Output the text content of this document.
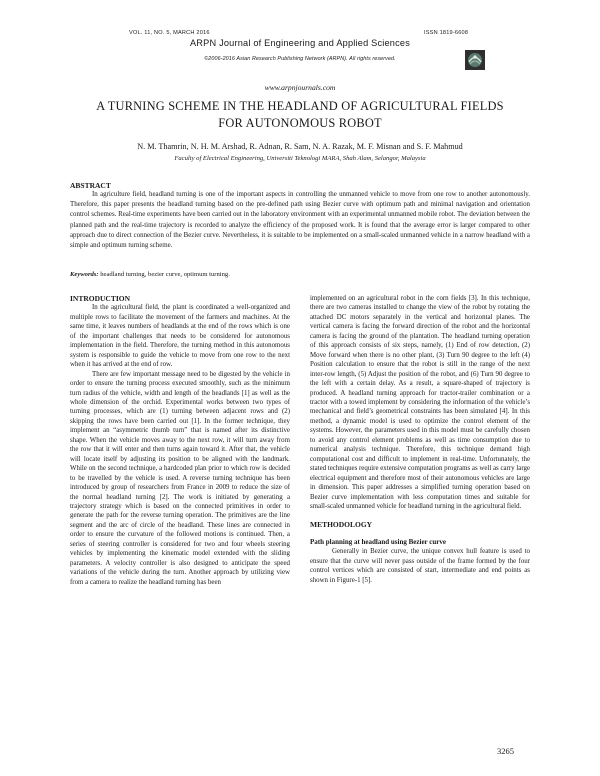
VOL. 11, NO. 5, MARCH 2016	ISSN 1819-6608
ARPN Journal of Engineering and Applied Sciences
©2006-2016 Asian Research Publishing Network (ARPN). All rights reserved.
www.arpnjournals.com
A TURNING SCHEME IN THE HEADLAND OF AGRICULTURAL FIELDS FOR AUTONOMOUS ROBOT
N. M. Thamrin, N. H. M. Arshad, R. Adnan, R. Sam, N. A. Razak, M. F. Misnan and S. F. Mahmud
Faculty of Electrical Engineering, Universiti Teknologi MARA, Shah Alam, Selangor, Malaysia
ABSTRACT
In agriculture field, headland turning is one of the important aspects in controlling the unmanned vehicle to move from one row to another autonomously. Therefore, this paper presents the headland turning based on the pre-defined path using Bezier curve with optimum path and minimal navigation and orientation control schemes. Real-time experiments have been carried out in the laboratory environment with an experimental unmanned mobile robot. The deviation between the planned path and the real-time trajectory is recorded to analyze the efficiency of the proposed work. It is found that the average error is larger compared to other approach due to direct connection of the Bezier curve. Nevertheless, it is suitable to be implemented on a small-scaled unmanned vehicle in a narrow headland with a simple and optimum turning scheme.
Keywords: headland turning, bezier curve, optimum turning.

INTRODUCTION

In the agricultural field, the plant is coordinated a well-organized and multiple rows to facilitate the movement of the farmers and machines. At the same time, it leaves numbers of headlands at the end of the rows which is one of the important challenges that needs to be considered for autonomous implementation in the field. Therefore, the turning method in this autonomous system is responsible to guide the vehicle to move from one row to the next when it has arrived at the end of row.

There are few important message need to be digested by the vehicle in order to ensure the turning process executed smoothly, such as the minimum turn radius of the vehicle, width and length of the headlands [1] as well as the whole dimension of the orchid. Experimental works between two types of turning processes, which are (1) turning between adjacent rows and (2) skipping the rows have been carried out [1]. In the former technique, they implement an “asymmetric thumb turn” that is named after its distinctive shape. When the vehicle moves away to the next row, it will turn away from the row that it will enter and then turns again toward it. After that, the vehicle will locate itself by adjusting its position to be aligned with the landmark. While on the second technique, a hardcoded plan prior to which row is decided to be travelled by the vehicle is used. A reverse turning technique has been introduced by group of researchers from France in 2009 to reduce the size of the normal headland turning [2]. The work is initiated by generating a trajectory strategy which is based on the connected primitives in order to generate the path for the reverse turning operation. The primitives are the line segment and the arc of circle of the headland. These lines are connected in order to ensure the curvature of the followed motions is continued. Then, a series of steering controller is considered for two and four wheels steering vehicles by implementing the kinematic model extended with the sliding parameters. A velocity controller is also designed to anticipate the speed variations of the vehicle during the turn. Another approach by utilizing view from a camera to realize the headland turning has been

implemented on an agricultural robot in the corn fields [3]. In this technique, there are two cameras installed to change the view of the robot by rotating the attached DC motors separately in the vertical and horizontal planes. The vertical camera is facing the forward direction of the robot and the horizontal camera is facing the ground of the plantation. The headland turning operation of this approach consists of six steps, namely, (1) End of row detection, (2) Move forward when there is no other plant, (3) Turn 90 degree to the left (4) Position calculation to ensure that the robot is still in the range of the next inter-row length, (5) Adjust the position of the robot, and (6) Turn 90 degree to the left with a certain delay. As a result, a square-shaped of trajectory is produced. A headland turning approach for tractor-trailer combination or a tractor with a towed implement by considering the information of the vehicle’s mechanical and field’s geometrical constraints has been simulated [4]. In this method, a dynamic model is used to optimize the control element of the systems. However, the parameters used in this model must be carefully chosen to avoid any control element problems as well as time consumption due to numerical analysis technique. Therefore, this technique demand high computational cost and difficult to implement in real-time. Unfortunately, the stated techniques require extensive computation programs as well as carry large electrical equipment and therefore most of their autonomous vehicles are large in dimension. This paper addresses a simplified turning operation based on Bezier curve implementation with less computation times and suitable for small-scaled unmanned vehicle for headland turning in the agricultural field.

METHODOLOGY

Path planning at headland using Bezier curve

Generally in Bezier curve, the unique convex hull feature is used to ensure that the curve will never pass outside of the frame formed by the four control vertices which are consisted of start, intermediate and end points as shown in Figure-1 [5].

3265
